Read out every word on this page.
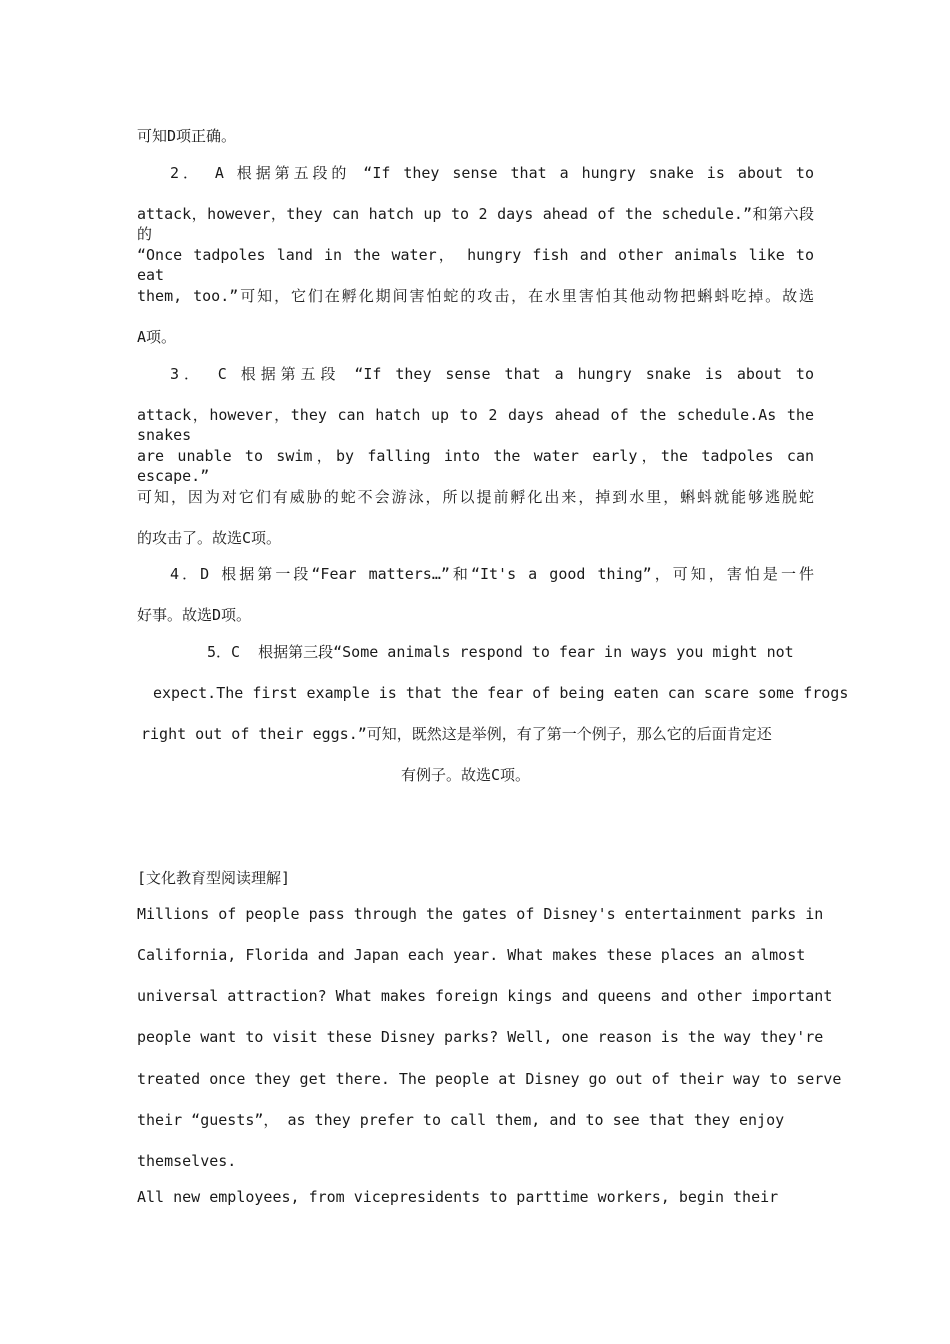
可知D项正确。
2． A 根据第五段的 “If they sense that a hungry snake is about to
attack，however，they can hatch up to 2 days ahead of the schedule.”和第六段的
“Once tadpoles land in the water， hungry fish and other animals like to eat
them, too.”可知，它们在孵化期间害怕蛇的攻击，在水里害怕其他动物把蝌蚪吃掉。故选
A项。
3． C 根据第五段 “If they sense that a hungry snake is about to
attack，however，they can hatch up to 2 days ahead of the schedule.As the snakes
are unable to swim，by falling into the water early，the tadpoles can escape.”
可知，因为对它们有威胁的蛇不会游泳，所以提前孵化出来，掉到水里，蝌蚪就能够逃脱蛇
的攻击了。故选C项。
4．D 根据第一段“Fear matters…”和“It's a good thing”，可知，害怕是一件
好事。故选D项。
5．C  根据第三段“Some animals respond to fear in ways you might not
expect.The first example is that the fear of being eaten can scare some frogs
right out of their eggs.”可知，既然这是举例，有了第一个例子，那么它的后面肯定还
有例子。故选C项。
[文化教育型阅读理解]
Millions of people pass through the gates of Disney's entertainment parks in
California, Florida and Japan each year. What makes these places an almost
universal attraction? What makes foreign kings and queens and other important
people want to visit these Disney parks? Well, one reason is the way they're
treated once they get there. The people at Disney go out of their way to serve
their “guests”， as they prefer to call them, and to see that they enjoy
themselves.
All new employees, from vicepresidents to parttime workers, begin their
